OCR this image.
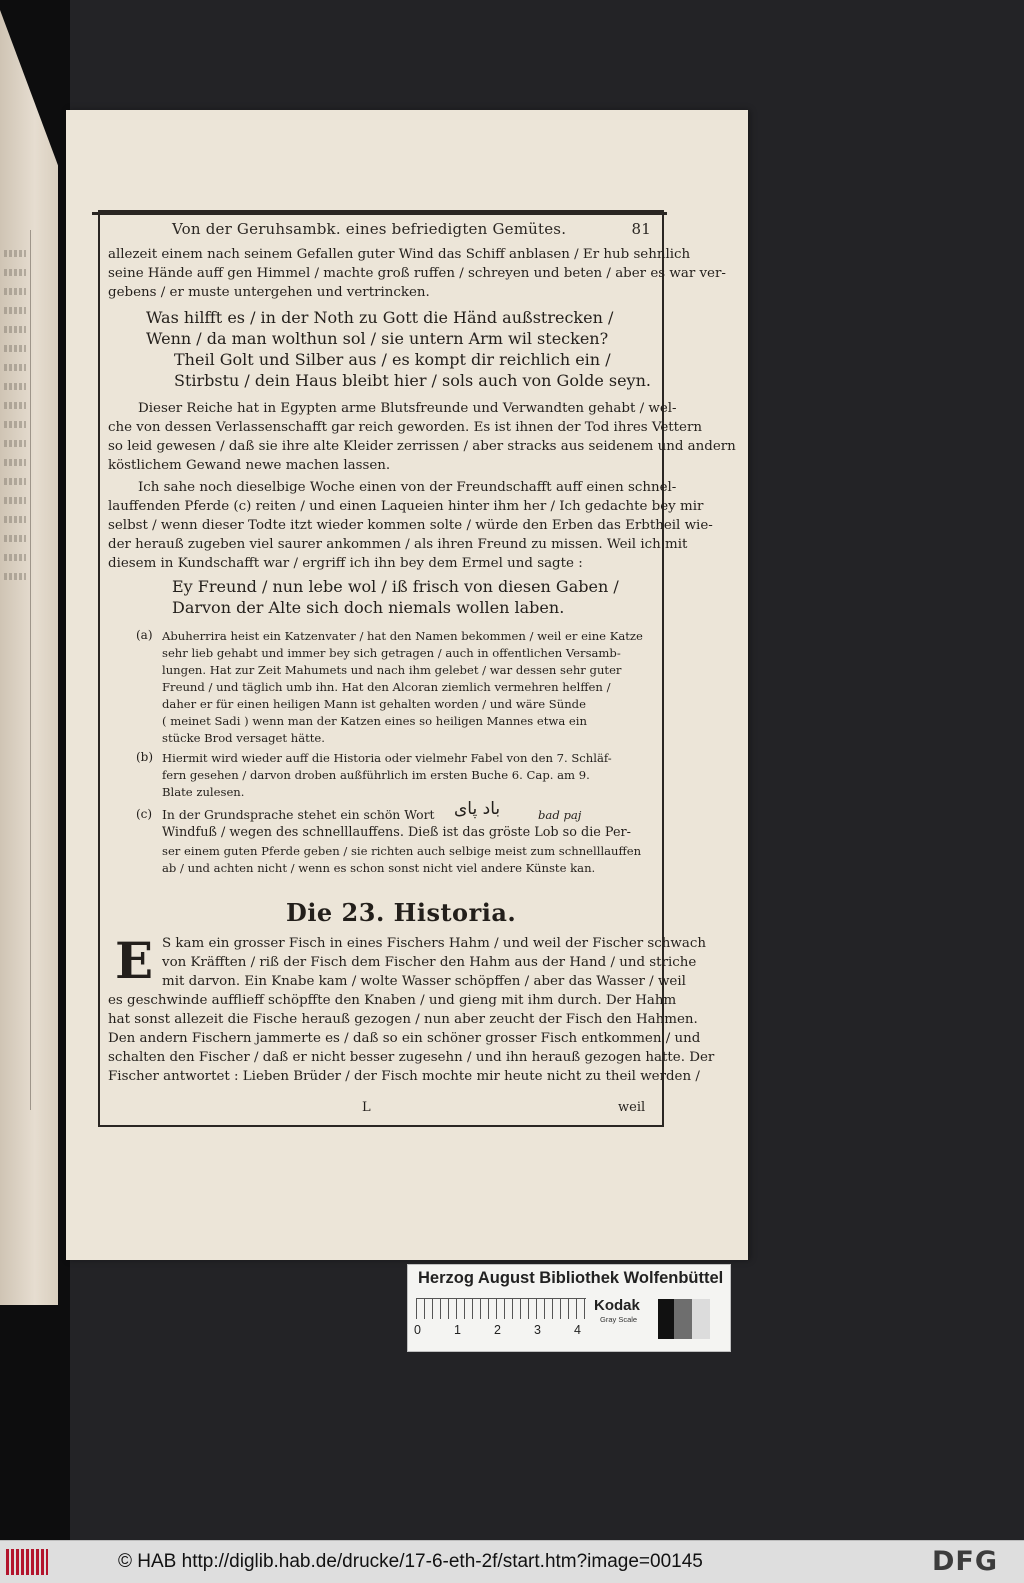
Von der Geruhsambk. eines befriedigten Gemütes.	81
allezeit einem nach seinem Gefallen guter Wind das Schiff anblasen / Er hub sehnlich
seine Hände auff gen Himmel / machte groß ruffen / schreyen und beten / aber es war ver-
gebens / er muste untergehen und vertrincken.
Was hilfft es / in der Noth zu Gott die Händ außstrecken /
Wenn / da man wolthun sol / sie untern Arm wil stecken?
Theil Golt und Silber aus / es kompt dir reichlich ein /
Stirbstu / dein Haus bleibt hier / sols auch von Golde seyn.
Dieser Reiche hat in Egypten arme Blutsfreunde und Verwandten gehabt / wel-
che von dessen Verlassenschafft gar reich geworden. Es ist ihnen der Tod ihres Vettern
so leid gewesen / daß sie ihre alte Kleider zerrissen / aber stracks aus seidenem und andern
köstlichem Gewand newe machen lassen.
Ich sahe noch dieselbige Woche einen von der Freundschafft auff einen schnel-
lauffenden Pferde (c) reiten / und einen Laqueien hinter ihm her / Ich gedachte bey mir
selbst / wenn dieser Todte itzt wieder kommen solte / würde den Erben das Erbtheil wie-
der herauß zugeben viel saurer ankommen / als ihren Freund zu missen. Weil ich mit
diesem in Kundschafft war / ergriff ich ihn bey dem Ermel und sagte :
Ey Freund / nun lebe wol / iß frisch von diesen Gaben /
Darvon der Alte sich doch niemals wollen laben.
(a) Abuherrira heist ein Katzenvater / hat den Namen bekommen / weil er eine Katze
sehr lieb gehabt und immer bey sich getragen / auch in offentlichen Versamb-
lungen. Hat zur Zeit Mahumets und nach ihm gelebet / war dessen sehr guter
Freund / und täglich umb ihn. Hat den Alcoran ziemlich vermehren helffen /
daher er für einen heiligen Mann ist gehalten worden / und wäre Sünde
( meinet Sadi ) wenn man der Katzen eines so heiligen Mannes etwa ein
stücke Brod versaget hätte.
(b) Hiermit wird wieder auff die Historia oder vielmehr Fabel von den 7. Schläf-
fern gesehen / darvon droben außführlich im ersten Buche 6. Cap. am 9.
Blate zulesen.
(c) In der Grundsprache stehet ein schön Wort باد پای	bad paj
Windfuß / wegen des schnelllauffens. Dieß ist das gröste Lob so die Per-
ser einem guten Pferde geben / sie richten auch selbige meist zum schnelllauffen
ab / und achten nicht / wenn es schon sonst nicht viel andere Künste kan.
Die 23. Historia.
E S kam ein grosser Fisch in eines Fischers Hahm / und weil der Fischer schwach
von Kräfften / riß der Fisch dem Fischer den Hahm aus der Hand / und striche
mit darvon. Ein Knabe kam / wolte Wasser schöpffen / aber das Wasser / weil
es geschwinde aufflieff schöpffte den Knaben / und gieng mit ihm durch. Der Hahm
hat sonst allezeit die Fische herauß gezogen / nun aber zeucht der Fisch den Hahmen.
Den andern Fischern jammerte es / daß so ein schöner grosser Fisch entkommen / und
schalten den Fischer / daß er nicht besser zugesehn / und ihn herauß gezogen hatte. Der
Fischer antwortet : Lieben Brüder / der Fisch mochte mir heute nicht zu theil werden /
L	weil
Herzog August Bibliothek Wolfenbüttel
0	1	2	3	4
Kodak
Gray Scale
© HAB http://diglib.hab.de/drucke/17-6-eth-2f/start.htm?image=00145	DFG
